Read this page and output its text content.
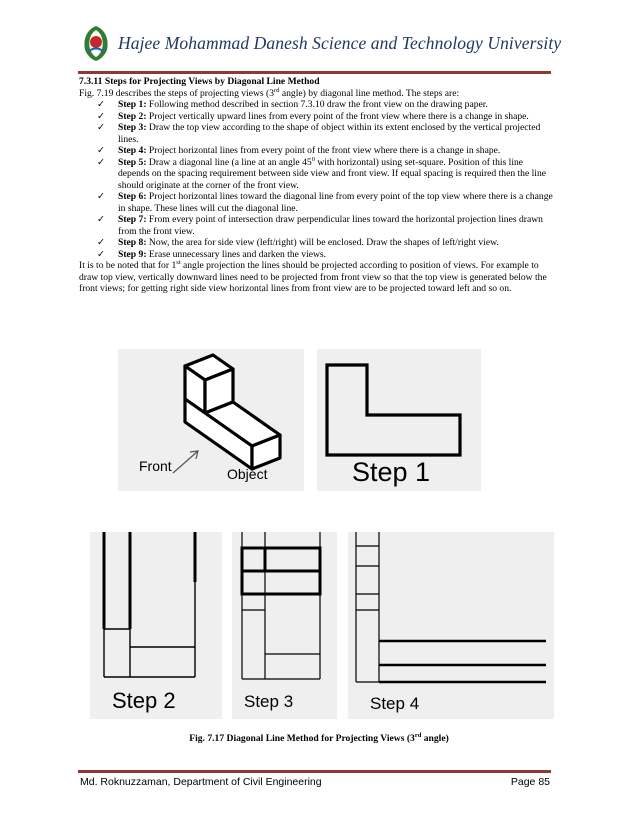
Hajee Mohammad Danesh Science and Technology University
7.3.11 Steps for Projecting Views by Diagonal Line Method
Fig. 7.19 describes the steps of projecting views (3rd angle) by diagonal line method. The steps are:
✓ Step 1: Following method described in section 7.3.10 draw the front view on the drawing paper.
✓ Step 2: Project vertically upward lines from every point of the front view where there is a change in shape.
✓ Step 3: Draw the top view according to the shape of object within its extent enclosed by the vertical projected lines.
✓ Step 4: Project horizontal lines from every point of the front view where there is a change in shape.
✓ Step 5: Draw a diagonal line (a line at an angle $45^0$ with horizontal) using set-square. Position of this line depends on the spacing requirement between side view and front view. If equal spacing is required then the line should originate at the corner of the front view.
✓ Step 6: Project horizontal lines toward the diagonal line from every point of the top view where there is a change in shape. These lines will cut the diagonal line.
✓ Step 7: From every point of intersection draw perpendicular lines toward the horizontal projection lines drawn from the front view.
✓ Step 8: Now, the area for side view (left/right) will be enclosed. Draw the shapes of left/right view.
✓ Step 9: Erase unnecessary lines and darken the views.
It is to be noted that for 1st angle projection the lines should be projected according to position of views. For example to draw top view, vertically downward lines need to be projected from front view so that the top view is generated below the front views; for getting right side view horizontal lines from front view are to be projected toward left and so on.
Front	Object	Step 1
Step 2	Step 3	Step 4
Fig. 7.17 Diagonal Line Method for Projecting Views (3rd angle)
Md. Roknuzzaman, Department of Civil Engineering	Page 85
